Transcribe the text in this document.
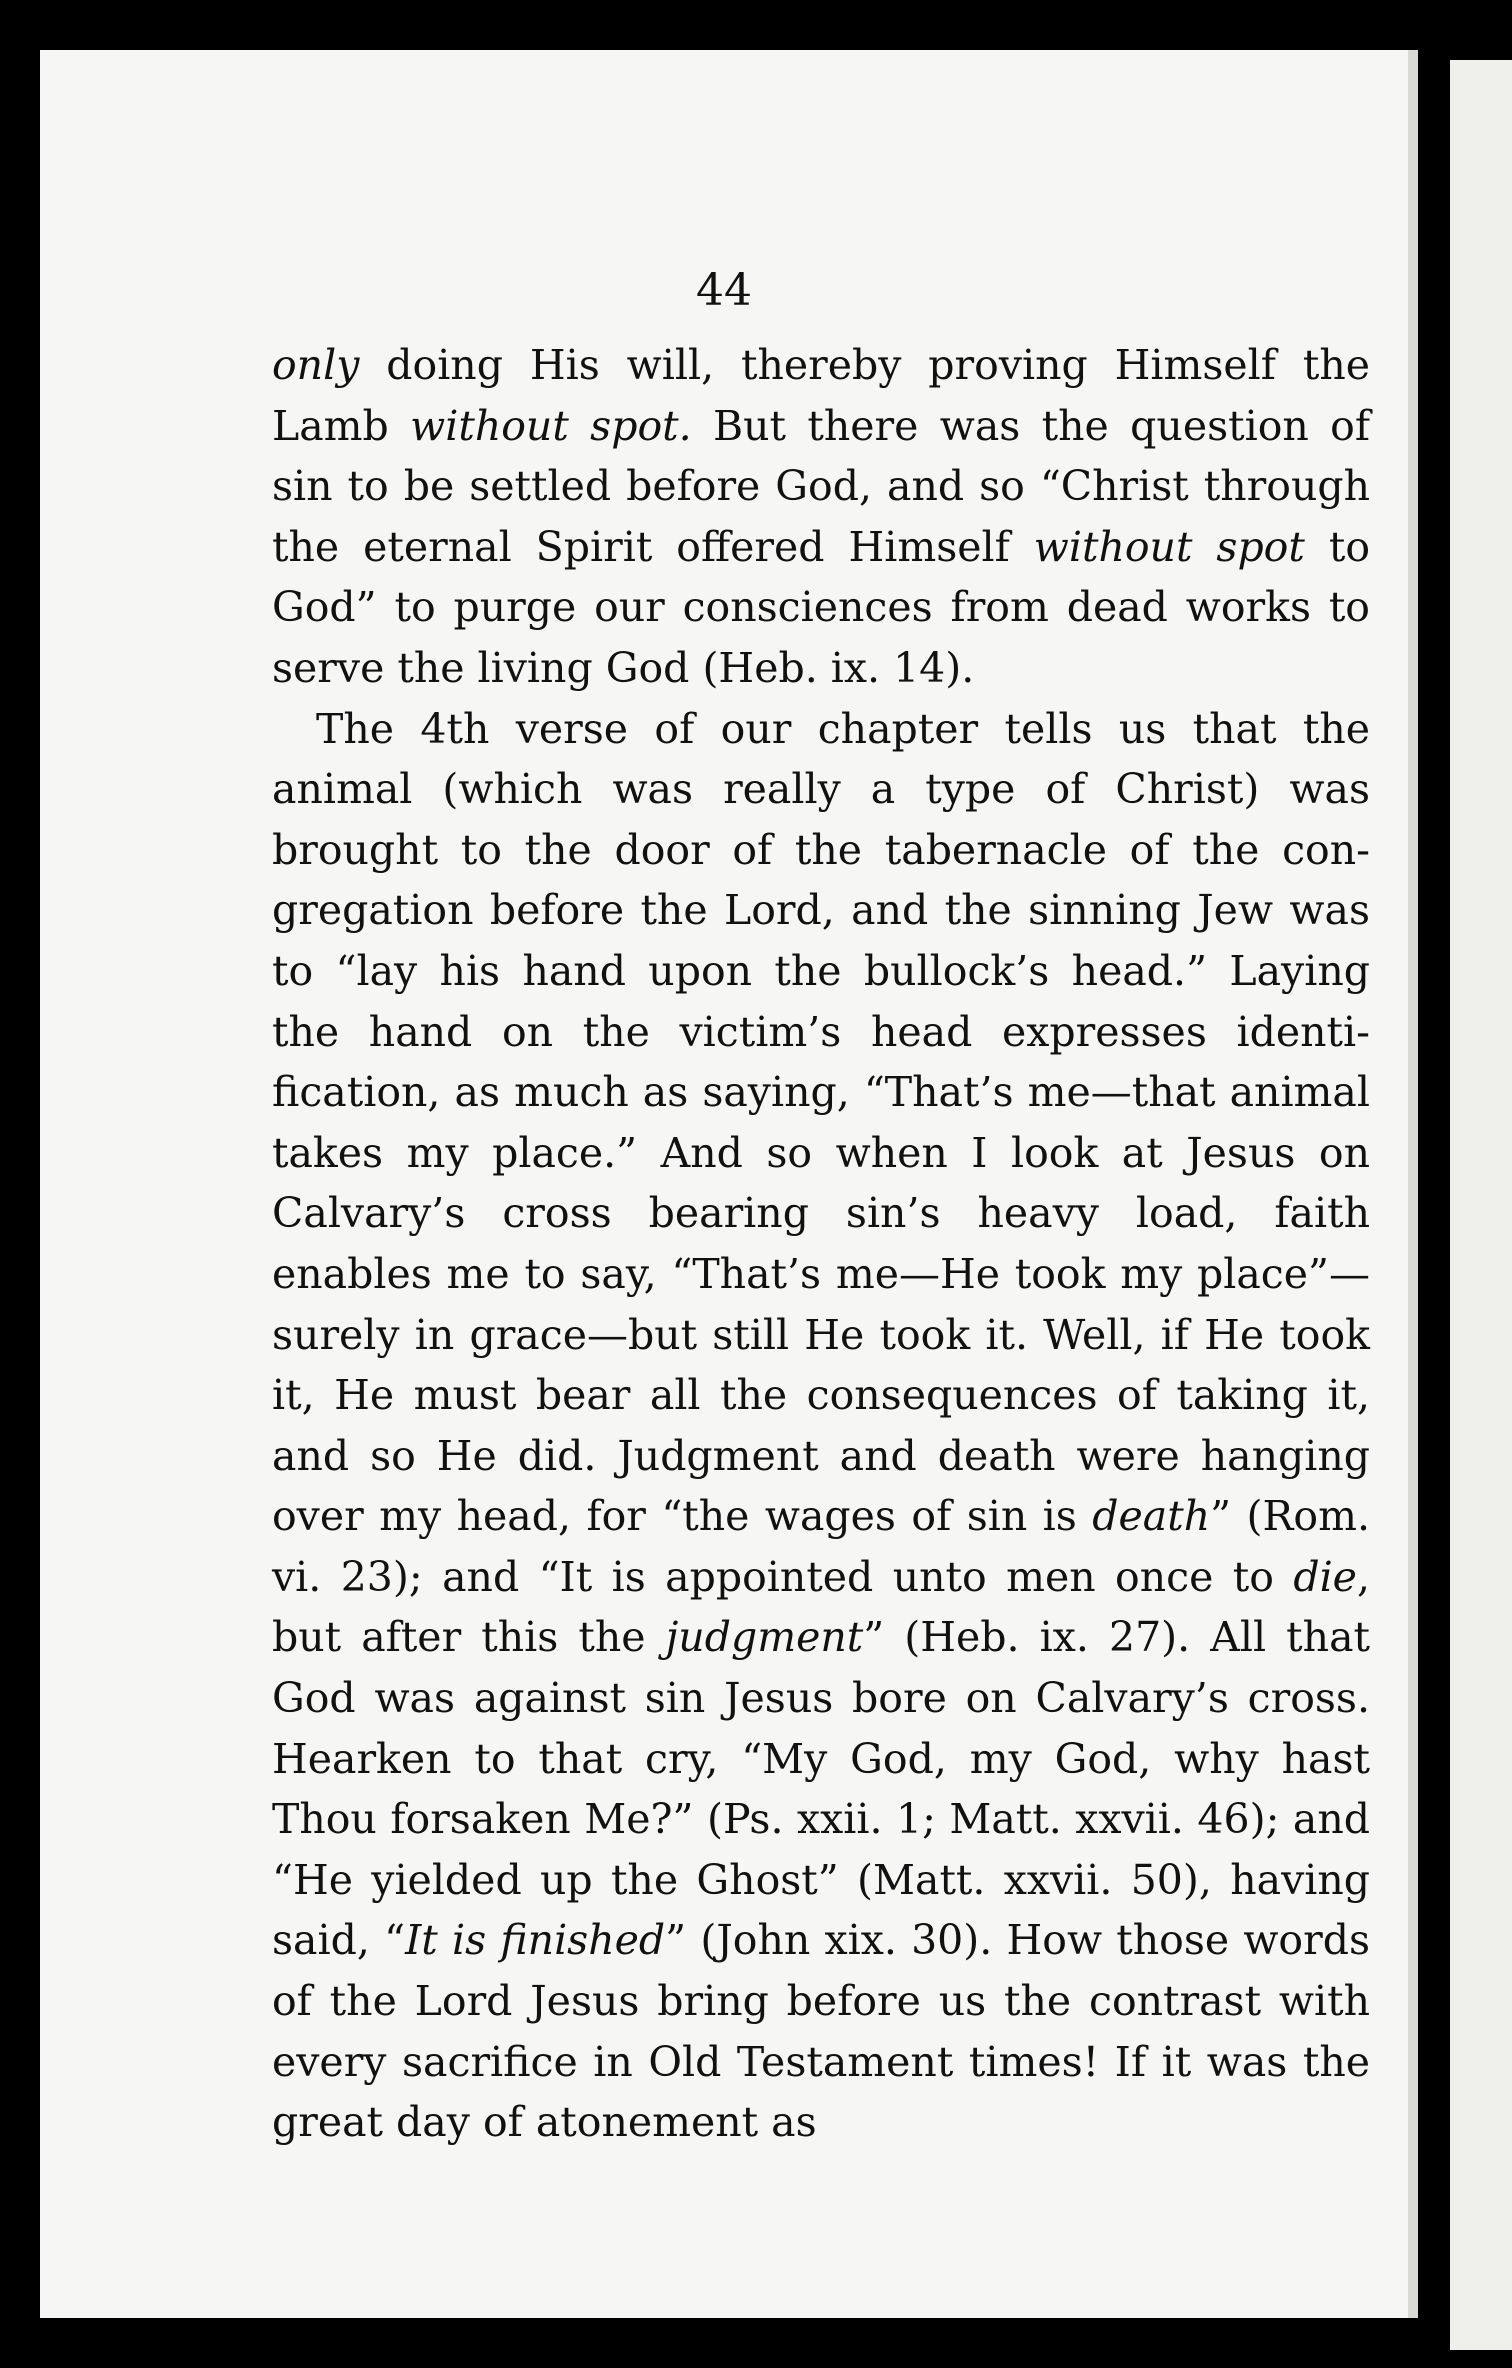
44

only doing His will, thereby proving Himself the Lamb without spot. But there was the question of sin to be settled before God, and so “Christ through the eternal Spirit offered Himself without spot to God” to purge our consciences from dead works to serve the living God (Heb. ix. 14).

The 4th verse of our chapter tells us that the animal (which was really a type of Christ) was brought to the door of the tabernacle of the congregation before the Lord, and the sinning Jew was to “lay his hand upon the bullock’s head.” Laying the hand on the victim’s head expresses identification, as much as saying, “That’s me—that animal takes my place.” And so when I look at Jesus on Calvary’s cross bearing sin’s heavy load, faith enables me to say, “That’s me—He took my place”—surely in grace—but still He took it. Well, if He took it, He must bear all the consequences of taking it, and so He did. Judgment and death were hanging over my head, for “the wages of sin is death” (Rom. vi. 23); and “It is appointed unto men once to die, but after this the judgment” (Heb. ix. 27). All that God was against sin Jesus bore on Calvary’s cross. Hearken to that cry, “My God, my God, why hast Thou forsaken Me?” (Ps. xxii. 1; Matt. xxvii. 46); and “He yielded up the Ghost” (Matt. xxvii. 50), having said, “It is finished” (John xix. 30). How those words of the Lord Jesus bring before us the contrast with every sacrifice in Old Testament times! If it was the great day of atonement as
